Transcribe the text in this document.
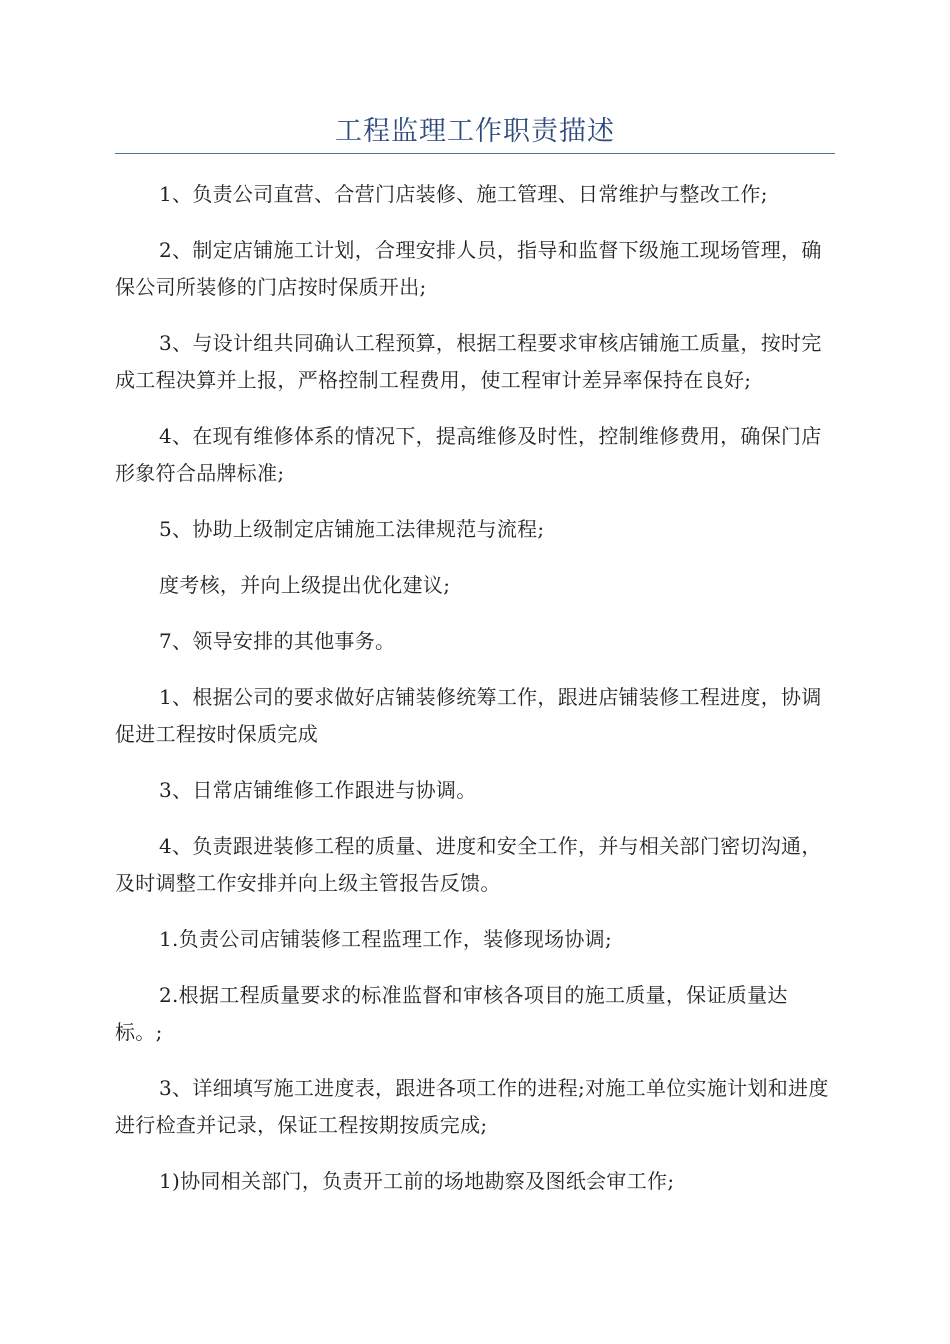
工程监理工作职责描述

1、负责公司直营、合营门店装修、施工管理、日常维护与整改工作;

2、制定店铺施工计划，合理安排人员，指导和监督下级施工现场管理，确保公司所装修的门店按时保质开出;

3、与设计组共同确认工程预算，根据工程要求审核店铺施工质量，按时完成工程决算并上报，严格控制工程费用，使工程审计差异率保持在良好;

4、在现有维修体系的情况下，提高维修及时性，控制维修费用，确保门店形象符合品牌标准;

5、协助上级制定店铺施工法律规范与流程;

度考核，并向上级提出优化建议;

7、领导安排的其他事务。

1、根据公司的要求做好店铺装修统筹工作，跟进店铺装修工程进度，协调促进工程按时保质完成

3、日常店铺维修工作跟进与协调。

4、负责跟进装修工程的质量、进度和安全工作，并与相关部门密切沟通，及时调整工作安排并向上级主管报告反馈。

1.负责公司店铺装修工程监理工作，装修现场协调;

2.根据工程质量要求的标准监督和审核各项目的施工质量，保证质量达标。;

3、详细填写施工进度表，跟进各项工作的进程;对施工单位实施计划和进度进行检查并记录，保证工程按期按质完成;

1)协同相关部门，负责开工前的场地勘察及图纸会审工作;
